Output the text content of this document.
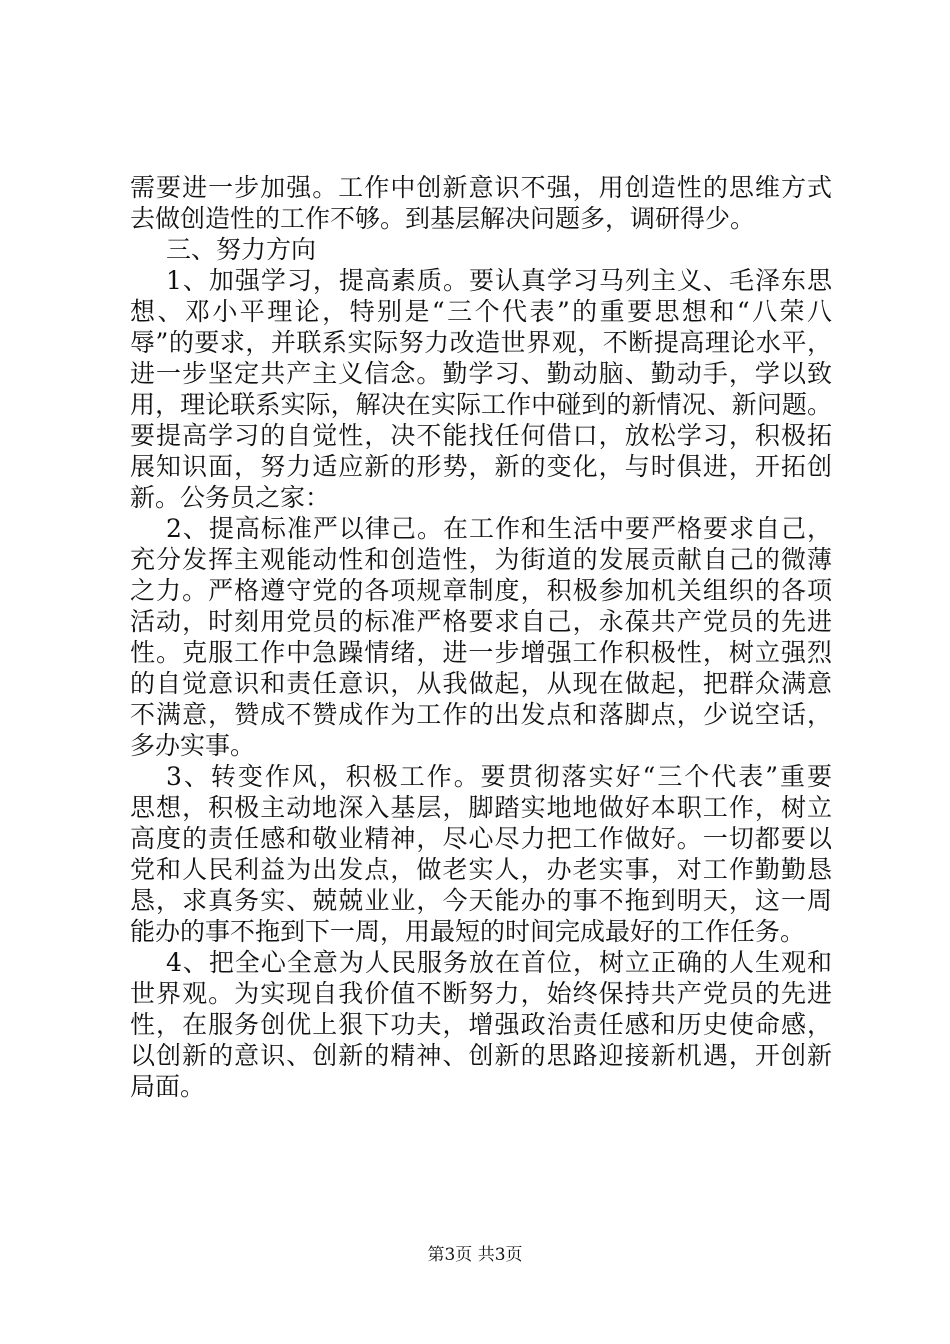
需要进一步加强。工作中创新意识不强，用创造性的思维方式
去做创造性的工作不够。到基层解决问题多，调研得少。
三、努力方向
1、加强学习，提高素质。要认真学习马列主义、毛泽东思
想、邓小平理论，特别是“三个代表”的重要思想和“八荣八
辱”的要求，并联系实际努力改造世界观，不断提高理论水平，
进一步坚定共产主义信念。勤学习、勤动脑、勤动手，学以致
用，理论联系实际，解决在实际工作中碰到的新情况、新问题。
要提高学习的自觉性，决不能找任何借口，放松学习，积极拓
展知识面，努力适应新的形势，新的变化，与时俱进，开拓创
新。公务员之家：
2、提高标准严以律己。在工作和生活中要严格要求自己，
充分发挥主观能动性和创造性，为街道的发展贡献自己的微薄
之力。严格遵守党的各项规章制度，积极参加机关组织的各项
活动，时刻用党员的标准严格要求自己，永葆共产党员的先进
性。克服工作中急躁情绪，进一步增强工作积极性，树立强烈
的自觉意识和责任意识，从我做起，从现在做起，把群众满意
不满意，赞成不赞成作为工作的出发点和落脚点，少说空话，
多办实事。
3、转变作风，积极工作。要贯彻落实好“三个代表”重要
思想，积极主动地深入基层，脚踏实地地做好本职工作，树立
高度的责任感和敬业精神，尽心尽力把工作做好。一切都要以
党和人民利益为出发点，做老实人，办老实事，对工作勤勤恳
恳，求真务实、兢兢业业，今天能办的事不拖到明天，这一周
能办的事不拖到下一周，用最短的时间完成最好的工作任务。
4、把全心全意为人民服务放在首位，树立正确的人生观和
世界观。为实现自我价值不断努力，始终保持共产党员的先进
性，在服务创优上狠下功夫，增强政治责任感和历史使命感，
以创新的意识、创新的精神、创新的思路迎接新机遇，开创新
局面。
第3页 共3页
